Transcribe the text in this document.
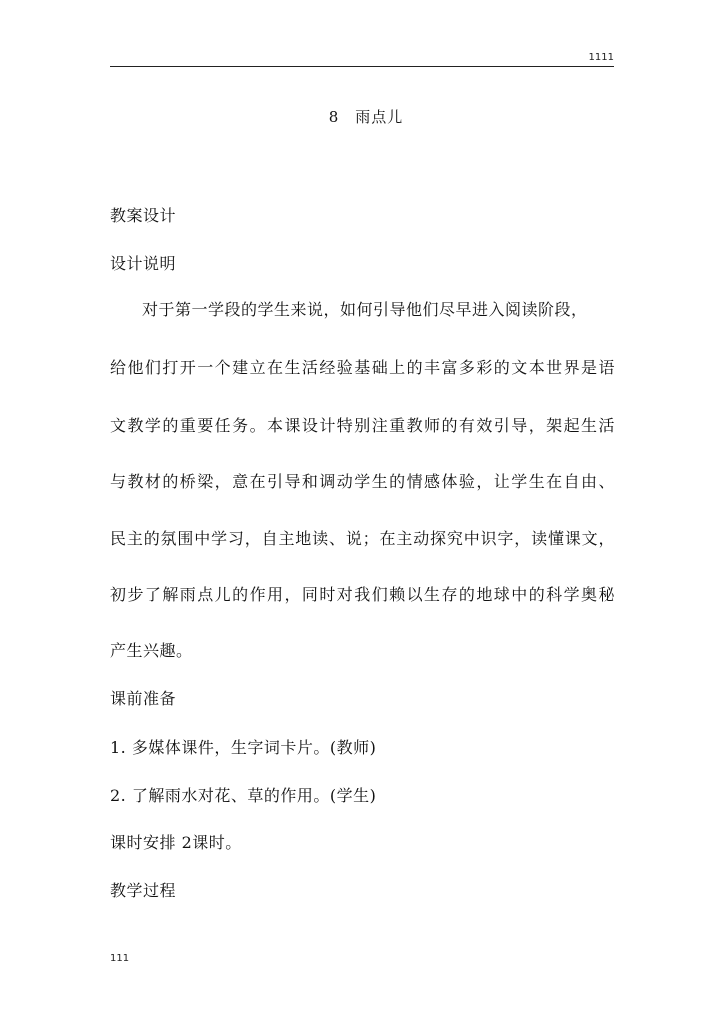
1111
8 雨点儿
教案设计
设计说明
对于第一学段的学生来说，如何引导他们尽早进入阅读阶段，
给他们打开一个建立在生活经验基础上的丰富多彩的文本世界是语
文教学的重要任务。本课设计特别注重教师的有效引导，架起生活
与教材的桥梁，意在引导和调动学生的情感体验，让学生在自由、
民主的氛围中学习，自主地读、说；在主动探究中识字，读懂课文，
初步了解雨点儿的作用，同时对我们赖以生存的地球中的科学奥秘
产生兴趣。
课前准备
1. 多媒体课件，生字词卡片。(教师)
2. 了解雨水对花、草的作用。(学生)
课时安排 2课时。
教学过程
111
